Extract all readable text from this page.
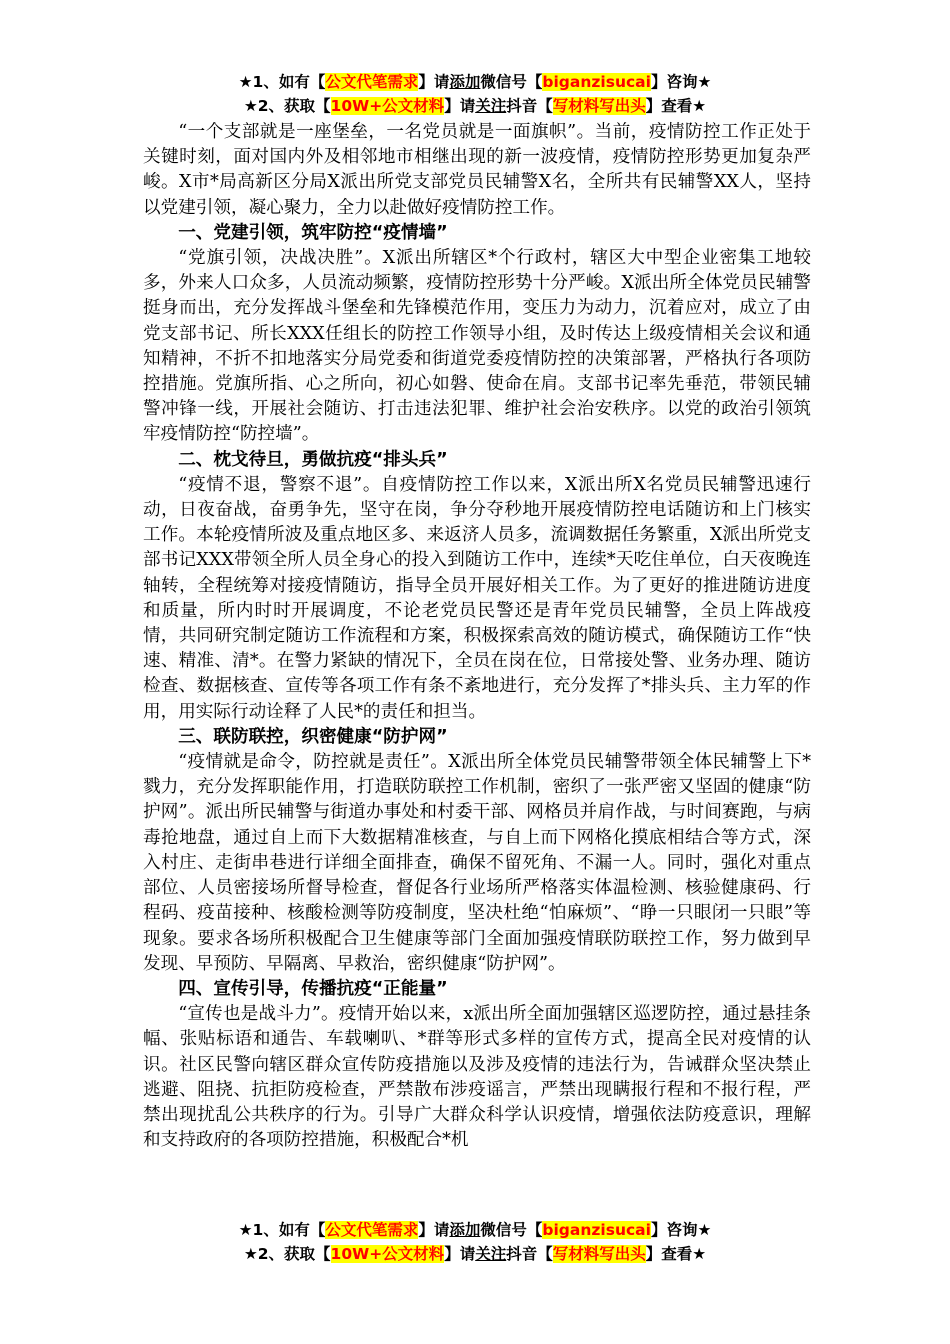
★1、如有【公文代笔需求】请添加微信号【biganzisucai】咨询★
★2、获取【10W+公文材料】请关注抖音【写材料写出头】查看★

“一个支部就是一座堡垒，一名党员就是一面旗帜”。当前，疫情防控工作正处于关键时刻，面对国内外及相邻地市相继出现的新一波疫情，疫情防控形势更加复杂严峻。X市*局高新区分局X派出所党支部党员民辅警X名，全所共有民辅警XX人，坚持以党建引领，凝心聚力，全力以赴做好疫情防控工作。

一、党建引领，筑牢防控“疫情墙”

“党旗引领，决战决胜”。X派出所辖区*个行政村，辖区大中型企业密集工地较多，外来人口众多，人员流动频繁，疫情防控形势十分严峻。X派出所全体党员民辅警挺身而出，充分发挥战斗堡垒和先锋模范作用，变压力为动力，沉着应对，成立了由党支部书记、所长XXX任组长的防控工作领导小组，及时传达上级疫情相关会议和通知精神，不折不扣地落实分局党委和街道党委疫情防控的决策部署，严格执行各项防控措施。党旗所指、心之所向，初心如磐、使命在肩。支部书记率先垂范，带领民辅警冲锋一线，开展社会随访、打击违法犯罪、维护社会治安秩序。以党的政治引领筑牢疫情防控“防控墙”。

二、枕戈待旦，勇做抗疫“排头兵”

“疫情不退，警察不退”。自疫情防控工作以来，X派出所X名党员民辅警迅速行动，日夜奋战，奋勇争先，坚守在岗，争分夺秒地开展疫情防控电话随访和上门核实工作。本轮疫情所波及重点地区多、来返济人员多，流调数据任务繁重，X派出所党支部书记XXX带领全所人员全身心的投入到随访工作中，连续*天吃住单位，白天夜晚连轴转，全程统筹对接疫情随访，指导全员开展好相关工作。为了更好的推进随访进度和质量，所内时时开展调度，不论老党员民警还是青年党员民辅警，全员上阵战疫情，共同研究制定随访工作流程和方案，积极探索高效的随访模式，确保随访工作“快速、精准、清*。在警力紧缺的情况下，全员在岗在位，日常接处警、业务办理、随访检查、数据核查、宣传等各项工作有条不紊地进行，充分发挥了*排头兵、主力军的作用，用实际行动诠释了人民*的责任和担当。

三、联防联控，织密健康“防护网”

“疫情就是命令，防控就是责任”。X派出所全体党员民辅警带领全体民辅警上下*戮力，充分发挥职能作用，打造联防联控工作机制，密织了一张严密又坚固的健康“防护网”。派出所民辅警与街道办事处和村委干部、网格员并肩作战，与时间赛跑，与病毒抢地盘，通过自上而下大数据精准核查，与自上而下网格化摸底相结合等方式，深入村庄、走街串巷进行详细全面排查，确保不留死角、不漏一人。同时，强化对重点部位、人员密接场所督导检查，督促各行业场所严格落实体温检测、核验健康码、行程码、疫苗接种、核酸检测等防疫制度，坚决杜绝“怕麻烦”、“睁一只眼闭一只眼”等现象。要求各场所积极配合卫生健康等部门全面加强疫情联防联控工作，努力做到早发现、早预防、早隔离、早救治，密织健康“防护网”。

四、宣传引导，传播抗疫“正能量”

“宣传也是战斗力”。疫情开始以来，x派出所全面加强辖区巡逻防控，通过悬挂条幅、张贴标语和通告、车载喇叭、*群等形式多样的宣传方式，提高全民对疫情的认识。社区民警向辖区群众宣传防疫措施以及涉及疫情的违法行为，告诫群众坚决禁止逃避、阻挠、抗拒防疫检查，严禁散布涉疫谣言，严禁出现瞒报行程和不报行程，严禁出现扰乱公共秩序的行为。引导广大群众科学认识疫情，增强依法防疫意识，理解和支持政府的各项防控措施，积极配合*机

★1、如有【公文代笔需求】请添加微信号【biganzisucai】咨询★
★2、获取【10W+公文材料】请关注抖音【写材料写出头】查看★
